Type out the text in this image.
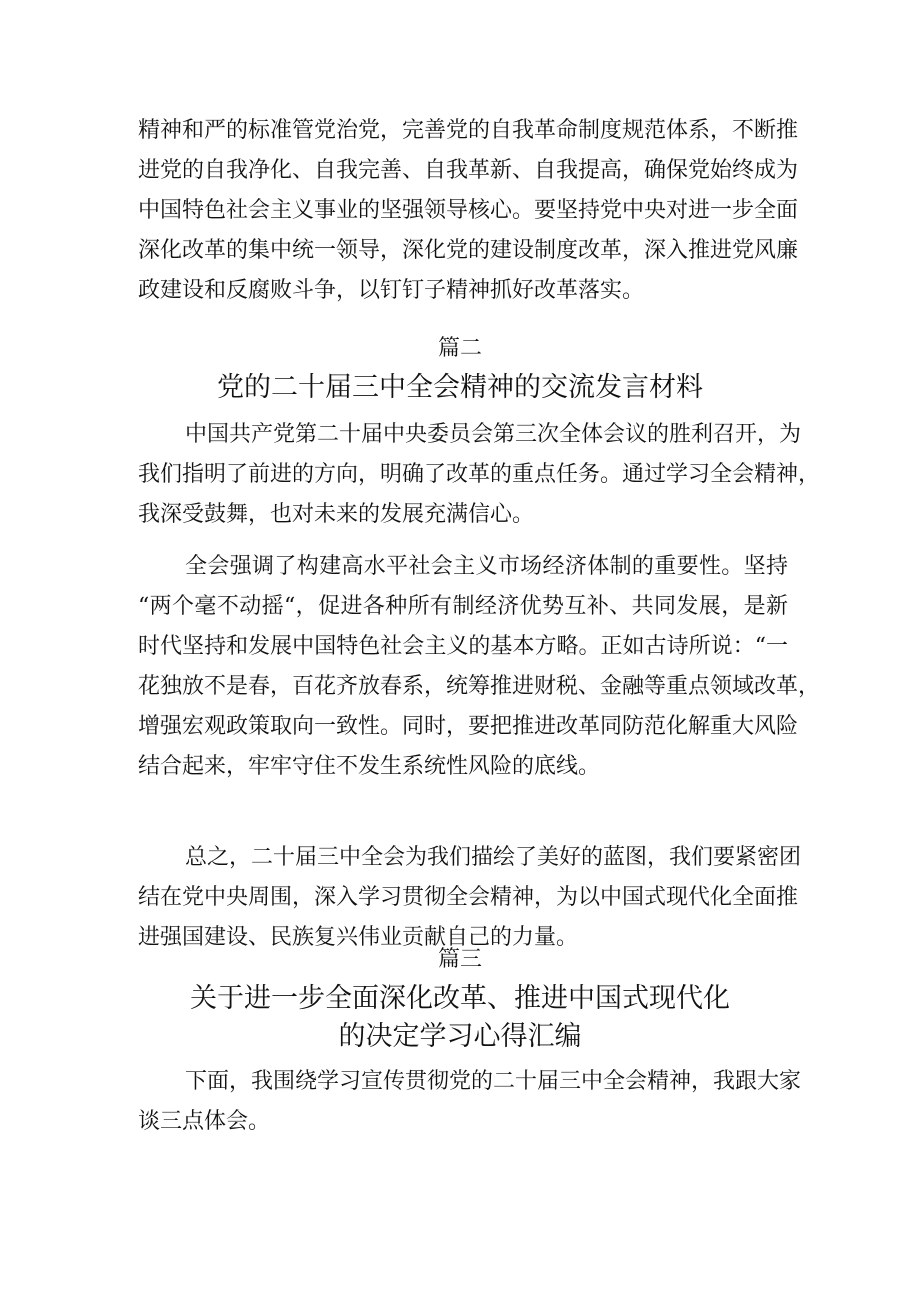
精神和严的标准管党治党，完善党的自我革命制度规范体系，不断推
进党的自我净化、自我完善、自我革新、自我提高，确保党始终成为
中国特色社会主义事业的坚强领导核心。要坚持党中央对进一步全面
深化改革的集中统一领导，深化党的建设制度改革，深入推进党风廉
政建设和反腐败斗争，以钉钉子精神抓好改革落实。
篇二
党的二十届三中全会精神的交流发言材料
中国共产党第二十届中央委员会第三次全体会议的胜利召开，为
我们指明了前进的方向，明确了改革的重点任务。通过学习全会精神，
我深受鼓舞，也对未来的发展充满信心。
全会强调了构建高水平社会主义市场经济体制的重要性。坚持
“两个毫不动摇“，促进各种所有制经济优势互补、共同发展，是新
时代坚持和发展中国特色社会主义的基本方略。正如古诗所说：“一
花独放不是春，百花齐放春系，统筹推进财税、金融等重点领域改革，
增强宏观政策取向一致性。同时，要把推进改革同防范化解重大风险
结合起来，牢牢守住不发生系统性风险的底线。
总之，二十届三中全会为我们描绘了美好的蓝图，我们要紧密团
结在党中央周围，深入学习贯彻全会精神，为以中国式现代化全面推
进强国建设、民族复兴伟业贡献自己的力量。
篇三
关于进一步全面深化改革、推进中国式现代化
的决定学习心得汇编
下面，我围绕学习宣传贯彻党的二十届三中全会精神，我跟大家
谈三点体会。
